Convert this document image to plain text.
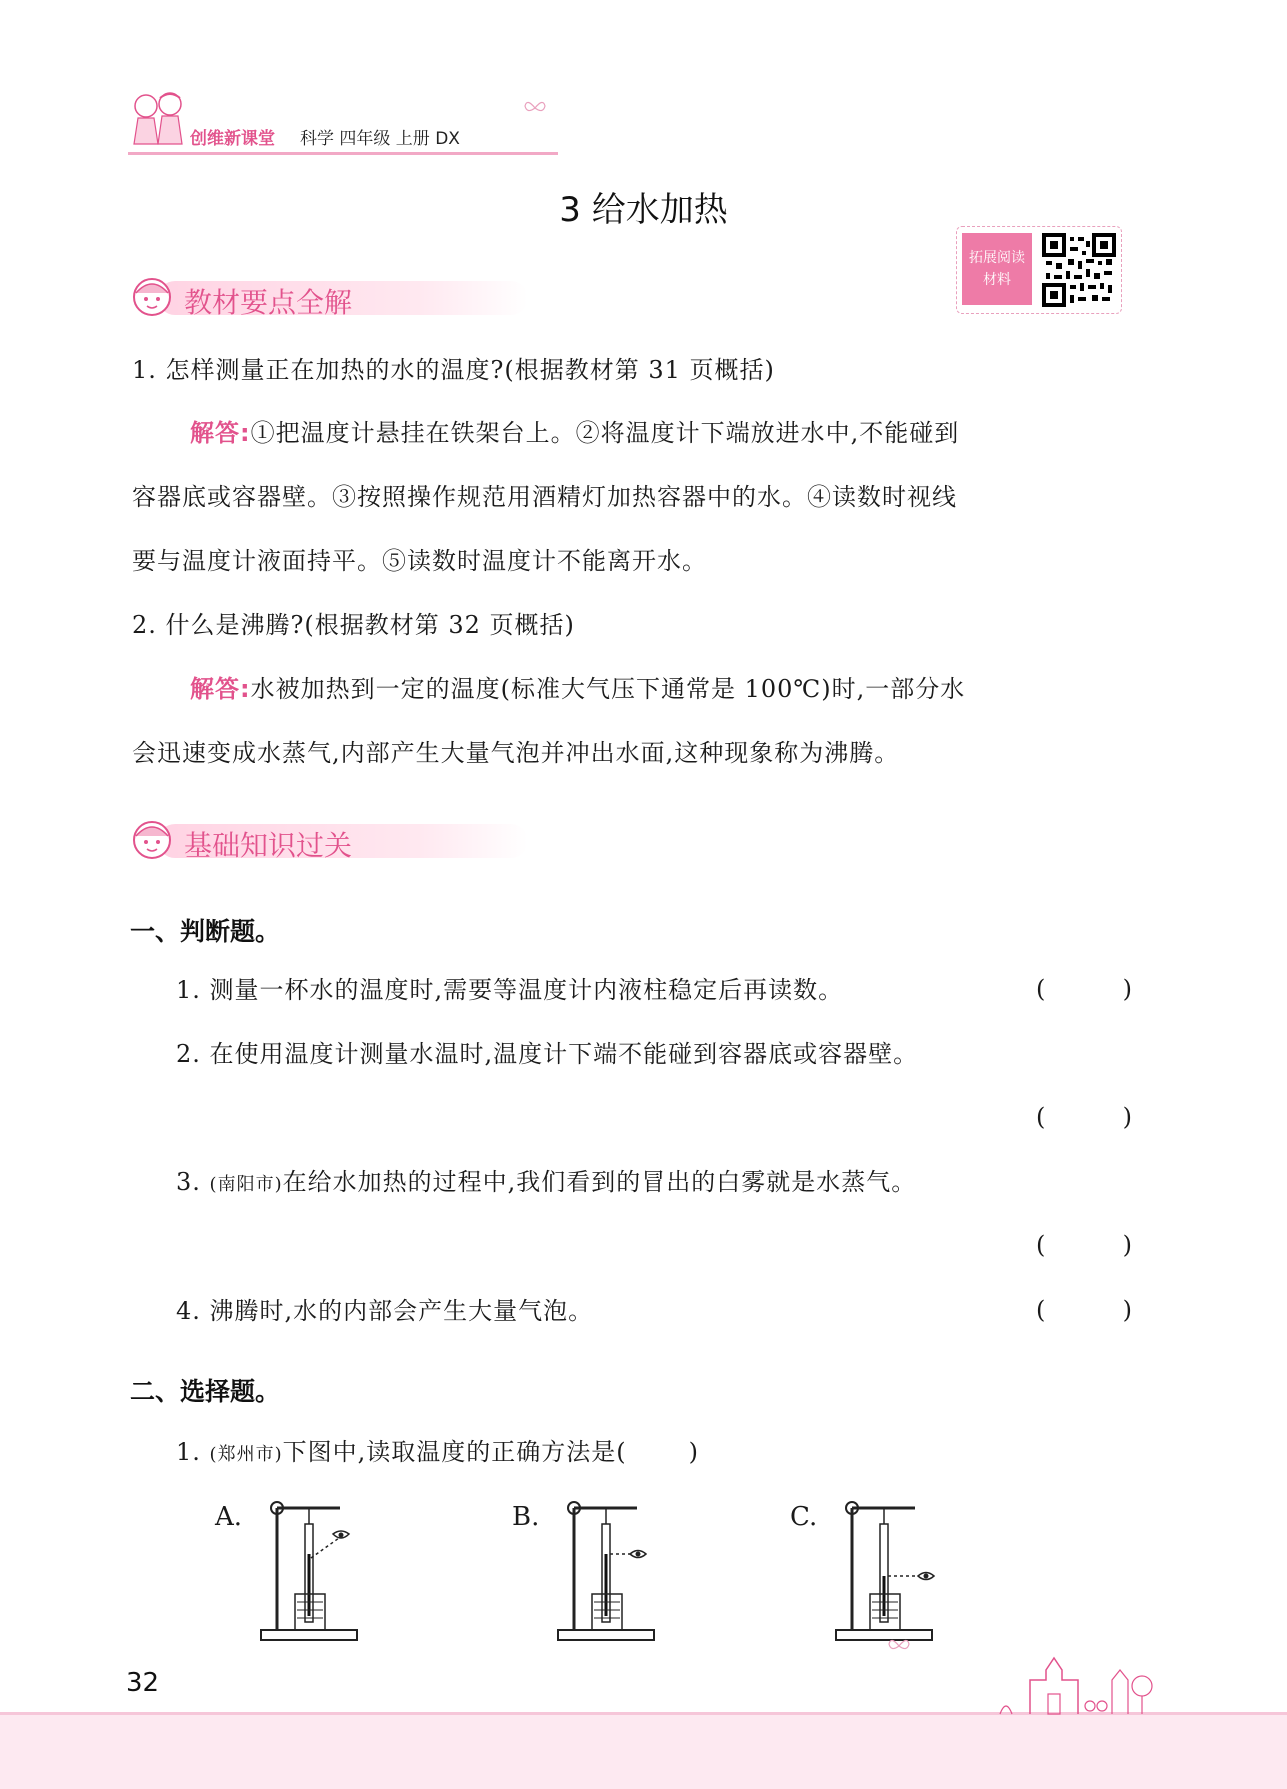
创维新课堂 科学 四年级 上册 DX
3 给水加热
拓展阅读
材料
教材要点全解
1. 怎样测量正在加热的水的温度?(根据教材第 31 页概括)
解答:①把温度计悬挂在铁架台上。②将温度计下端放进水中,不能碰到
容器底或容器壁。③按照操作规范用酒精灯加热容器中的水。④读数时视线
要与温度计液面持平。⑤读数时温度计不能离开水。
2. 什么是沸腾?(根据教材第 32 页概括)
解答:水被加热到一定的温度(标准大气压下通常是 100℃)时,一部分水
会迅速变成水蒸气,内部产生大量气泡并冲出水面,这种现象称为沸腾。
基础知识过关
一、判断题。
1. 测量一杯水的温度时,需要等温度计内液柱稳定后再读数。	(	)
2. 在使用温度计测量水温时,温度计下端不能碰到容器底或容器壁。
(	)
3. (南阳市)在给水加热的过程中,我们看到的冒出的白雾就是水蒸气。
(	)
4. 沸腾时,水的内部会产生大量气泡。	(	)
二、选择题。
1. (郑州市)下图中,读取温度的正确方法是(	)
A.	B.	C.
32
